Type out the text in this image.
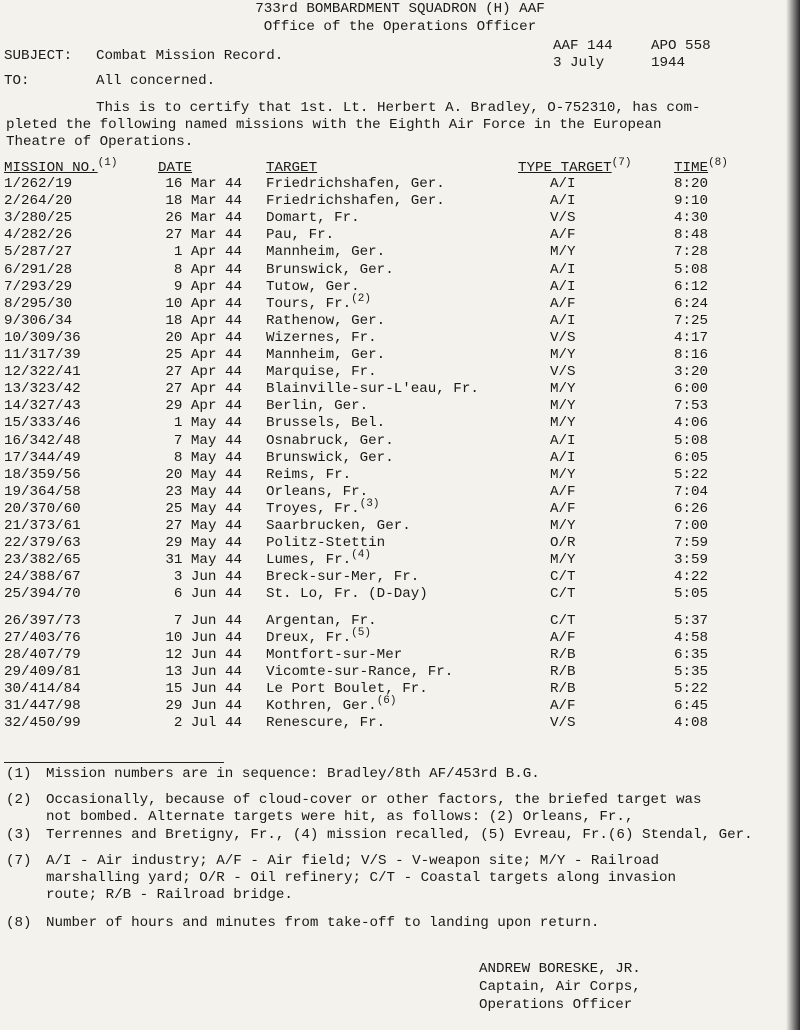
733rd BOMBARDMENT SQUADRON (H) AAF
Office of the Operations Officer
SUBJECT: Combat Mission Record.
AAF 144
3 July
APO 558
1944
TO:	All concerned.
This is to certify that 1st. Lt. Herbert A. Bradley, O-752310, has com-
pleted the following named missions with the Eighth Air Force in the European
Theatre of Operations.
MISSION NO.$^{(1)}$	DATE	TARGET	TYPE TARGET$^{(7)}$	TIME$^{(8)}$
1/262/19	16 Mar 44 Friedrichshafen, Ger.	A/I	8:20
2/264/20	18 Mar 44 Friedrichshafen, Ger.	A/I	9:10
3/280/25	26 Mar 44 Domart, Fr.	V/S	4:30
4/282/26	27 Mar 44 Pau, Fr.	A/F	8:48
5/287/27	1 Apr 44 Mannheim, Ger.	M/Y	7:28
6/291/28	8 Apr 44 Brunswick, Ger.	A/I	5:08
7/293/29	9 Apr 44 Tutow, Ger.	A/I	6:12
8/295/30	10 Apr 44 Tours, Fr.$^{(2)}$	A/F	6:24
9/306/34	18 Apr 44 Rathenow, Ger.	A/I	7:25
10/309/36	20 Apr 44 Wizernes, Fr.	V/S	4:17
11/317/39	25 Apr 44 Mannheim, Ger.	M/Y	8:16
12/322/41	27 Apr 44 Marquise, Fr.	V/S	3:20
13/323/42	27 Apr 44 Blainville-sur-L'eau, Fr.	M/Y	6:00
14/327/43	29 Apr 44 Berlin, Ger.	M/Y	7:53
15/333/46	1 May 44 Brussels, Bel.	M/Y	4:06
16/342/48	7 May 44 Osnabruck, Ger.	A/I	5:08
17/344/49	8 May 44 Brunswick, Ger.	A/I	6:05
18/359/56	20 May 44 Reims, Fr.	M/Y	5:22
19/364/58	23 May 44 Orleans, Fr.	A/F	7:04
20/370/60	25 May 44 Troyes, Fr.$^{(3)}$	A/F	6:26
21/373/61	27 May 44 Saarbrucken, Ger.	M/Y	7:00
22/379/63	29 May 44 Politz-Stettin	O/R	7:59
23/382/65	31 May 44 Lumes, Fr.$^{(4)}$	M/Y	3:59
24/388/67	3 Jun 44 Breck-sur-Mer, Fr.	C/T	4:22
25/394/70	6 Jun 44 St. Lo, Fr. (D-Day)	C/T	5:05
26/397/73	7 Jun 44 Argentan, Fr.	C/T	5:37
27/403/76	10 Jun 44 Dreux, Fr.$^{(5)}$	A/F	4:58
28/407/79	12 Jun 44 Montfort-sur-Mer	R/B	6:35
29/409/81	13 Jun 44 Vicomte-sur-Rance, Fr.	R/B	5:35
30/414/84	15 Jun 44 Le Port Boulet, Fr.	R/B	5:22
31/447/98	29 Jun 44 Kothren, Ger.$^{(6)}$	A/F	6:45
32/450/99	2 Jul 44 Renescure, Fr.	V/S	4:08
(1) Mission numbers are in sequence: Bradley/8th AF/453rd B.G.
(2) Occasionally, because of cloud-cover or other factors, the briefed target was
not bombed. Alternate targets were hit, as follows: (2) Orleans, Fr.,
(3) Terrennes and Bretigny, Fr., (4) mission recalled, (5) Evreau, Fr.(6) Stendal, Ger.
(7) A/I - Air industry; A/F - Air field; V/S - V-weapon site; M/Y - Railroad
marshalling yard; O/R - Oil refinery; C/T - Coastal targets along invasion
route; R/B - Railroad bridge.
(8) Number of hours and minutes from take-off to landing upon return.
ANDREW BORESKE, JR.
Captain, Air Corps,
Operations Officer
